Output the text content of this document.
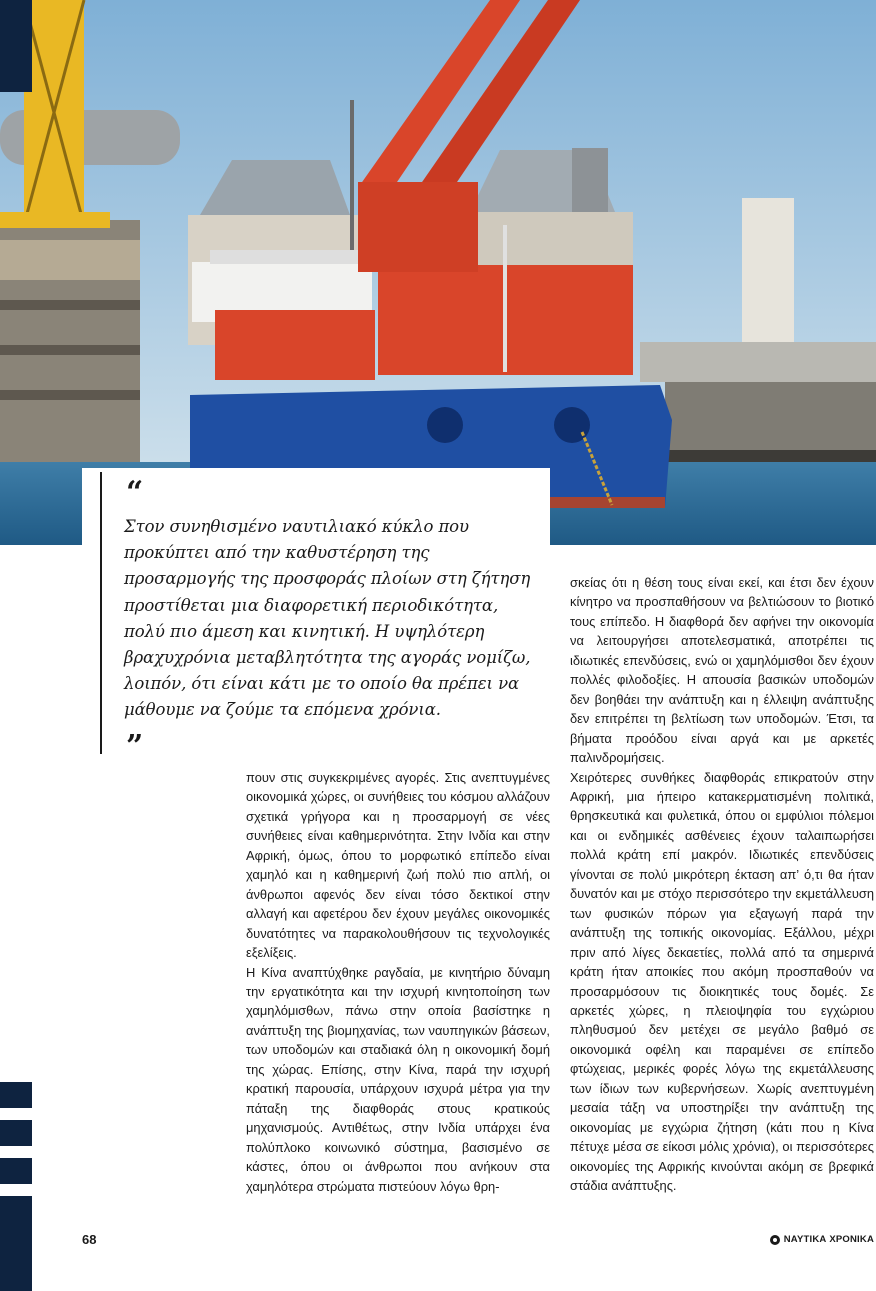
“

Στον συνηθισμένο ναυτιλιακό κύκλο που προκύπτει από την καθυστέρηση της προσαρμογής της προσφοράς πλοίων στη ζήτηση προστίθεται μια διαφορετική περιοδικότητα, πολύ πιο άμεση και κινητική. Η υψηλότερη βραχυχρόνια μεταβλητότητα της αγοράς νομίζω, λοιπόν, ότι είναι κάτι με το οποίο θα πρέπει να μάθουμε να ζούμε τα επόμενα χρόνια.

”

πουν στις συγκεκριμένες αγορές. Στις ανεπτυγμένες οικονομικά χώρες, οι συνήθειες του κόσμου αλλάζουν σχετικά γρήγορα και η προσαρμογή σε νέες συνήθειες είναι καθημερινότητα. Στην Ινδία και στην Αφρική, όμως, όπου το μορφωτικό επίπεδο είναι χαμηλό και η καθημερινή ζωή πολύ πιο απλή, οι άνθρωποι αφενός δεν είναι τόσο δεκτικοί στην αλλαγή και αφετέρου δεν έχουν μεγάλες οικονομικές δυνατότητες να παρακολουθήσουν τις τεχνολογικές εξελίξεις.

Η Κίνα αναπτύχθηκε ραγδαία, με κινητήριο δύναμη την εργατικότητα και την ισχυρή κινητοποίηση των χαμηλόμισθων, πάνω στην οποία βασίστηκε η ανάπτυξη της βιομηχανίας, των ναυπηγικών βάσεων, των υποδομών και σταδιακά όλη η οικονομική δομή της χώρας. Επίσης, στην Κίνα, παρά την ισχυρή κρατική παρουσία, υπάρχουν ισχυρά μέτρα για την πάταξη της διαφθοράς στους κρατικούς μηχανισμούς. Αντιθέτως, στην Ινδία υπάρχει ένα πολύπλοκο κοινωνικό σύστημα, βασισμένο σε κάστες, όπου οι άνθρωποι που ανήκουν στα χαμηλότερα στρώματα πιστεύουν λόγω θρη-

σκείας ότι η θέση τους είναι εκεί, και έτσι δεν έχουν κίνητρο να προσπαθήσουν να βελτιώσουν το βιοτικό τους επίπεδο. Η διαφθορά δεν αφήνει την οικονομία να λειτουργήσει αποτελεσματικά, αποτρέπει τις ιδιωτικές επενδύσεις, ενώ οι χαμηλόμισθοι δεν έχουν πολλές φιλοδοξίες. Η απουσία βασικών υποδομών δεν βοηθάει την ανάπτυξη και η έλλειψη ανάπτυξης δεν επιτρέπει τη βελτίωση των υποδομών. Έτσι, τα βήματα προόδου είναι αργά και με αρκετές παλινδρομήσεις.

Χειρότερες συνθήκες διαφθοράς επικρατούν στην Αφρική, μια ήπειρο κατακερματισμένη πολιτικά, θρησκευτικά και φυλετικά, όπου οι εμφύλιοι πόλεμοι και οι ενδημικές ασθένειες έχουν ταλαιπωρήσει πολλά κράτη επί μακρόν. Ιδιωτικές επενδύσεις γίνονται σε πολύ μικρότερη έκταση απ’ ό,τι θα ήταν δυνατόν και με στόχο περισσότερο την εκμετάλλευση των φυσικών πόρων για εξαγωγή παρά την ανάπτυξη της τοπικής οικονομίας. Εξάλλου, μέχρι πριν από λίγες δεκαετίες, πολλά από τα σημερινά κράτη ήταν αποικίες που ακόμη προσπαθούν να προσαρμόσουν τις διοικητικές τους δομές. Σε αρκετές χώρες, η πλειοψηφία του εγχώριου πληθυσμού δεν μετέχει σε μεγάλο βαθμό σε οικονομικά οφέλη και παραμένει σε επίπεδο φτώχειας, μερικές φορές λόγω της εκμετάλλευσης των ίδιων των κυβερνήσεων. Χωρίς ανεπτυγμένη μεσαία τάξη να υποστηρίξει την ανάπτυξη της οικονομίας με εγχώρια ζήτηση (κάτι που η Κίνα πέτυχε μέσα σε είκοσι μόλις χρόνια), οι περισσότερες οικονομίες της Αφρικής κινούνται ακόμη σε βρεφικά στάδια ανάπτυξης.

68	ΝΑΥΤΙΚΑ ΧΡΟΝΙΚΑ
